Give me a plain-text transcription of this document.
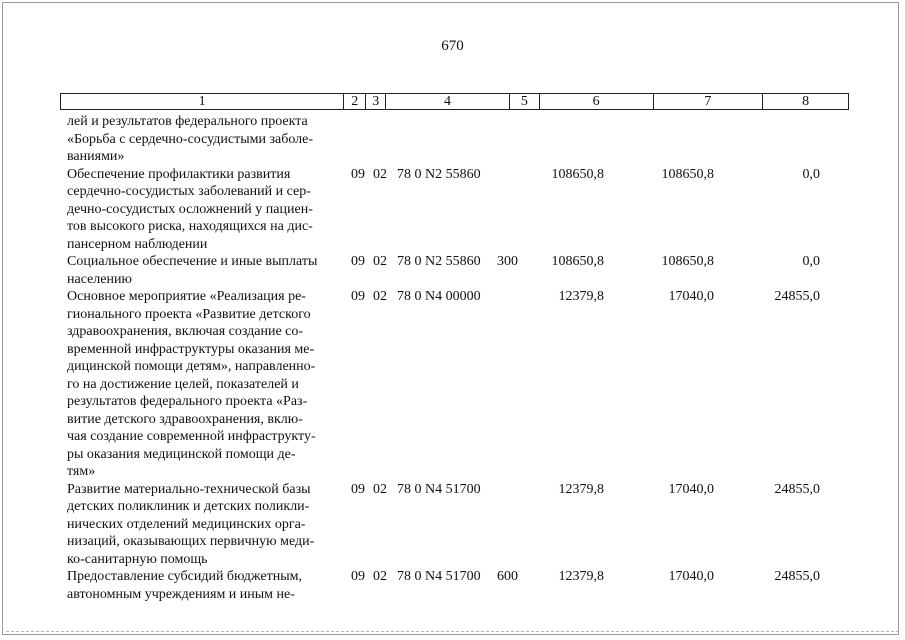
670
1	2 3	4	5	6	7	8
лей и результатов федерального проекта
«Борьба с сердечно-сосудистыми заболе-
ваниями»
Обеспечение профилактики развития
сердечно-сосудистых заболеваний и сер-
дечно-сосудистых осложнений у пациен-
тов высокого риска, находящихся на дис-
пансерном наблюдении
09 02 78 0 N2 55860	108650,8	108650,8	0,0
Социальное обеспечение и иные выплаты
населению
09 02 78 0 N2 55860 300	108650,8	108650,8	0,0
Основное мероприятие «Реализация ре-
гионального проекта «Развитие детского
здравоохранения, включая создание со-
временной инфраструктуры оказания ме-
дицинской помощи детям», направленно-
го на достижение целей, показателей и
результатов федерального проекта «Раз-
витие детского здравоохранения, вклю-
чая создание современной инфраструкту-
ры оказания медицинской помощи де-
тям»
09 02 78 0 N4 00000	12379,8	17040,0	24855,0
Развитие материально-технической базы
детских поликлиник и детских поликли-
нических отделений медицинских орга-
низаций, оказывающих первичную меди-
ко-санитарную помощь
09 02 78 0 N4 51700	12379,8	17040,0	24855,0
Предоставление субсидий бюджетным,
автономным учреждениям и иным не-
09 02 78 0 N4 51700 600	12379,8	17040,0	24855,0
